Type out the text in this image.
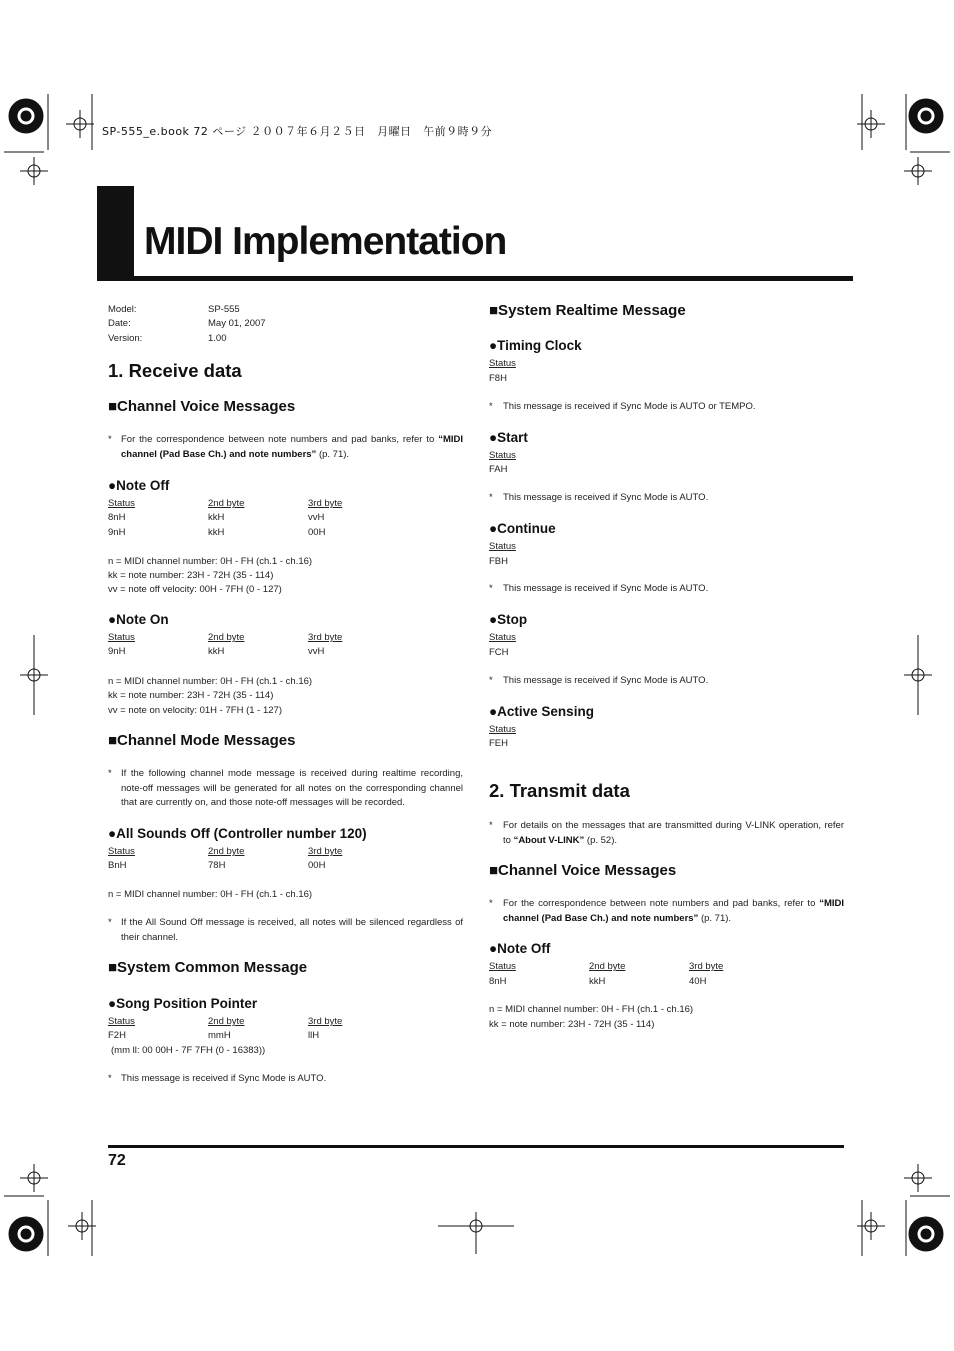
SP-555_e.book 72 ページ ２００７年６月２５日　月曜日　午前９時９分
MIDI Implementation
Model:	SP-555
Date:	May 01, 2007
Version:	1.00
1. Receive data
■Channel Voice Messages
* For the correspondence between note numbers and pad banks, refer to “MIDI channel (Pad Base Ch.) and note numbers” (p. 71).
●Note Off
Status	2nd byte	3rd byte
8nH	kkH	vvH
9nH	kkH	00H
n = MIDI channel number: 0H - FH (ch.1 - ch.16)
kk = note number: 23H - 72H (35 - 114)
vv = note off velocity: 00H - 7FH (0 - 127)
●Note On
Status	2nd byte	3rd byte
9nH	kkH	vvH
n = MIDI channel number: 0H - FH (ch.1 - ch.16)
kk = note number: 23H - 72H (35 - 114)
vv = note on velocity: 01H - 7FH (1 - 127)
■Channel Mode Messages
* If the following channel mode message is received during realtime recording, note-off messages will be generated for all notes on the corresponding channel that are currently on, and those note-off messages will be recorded.
●All Sounds Off (Controller number 120)
Status	2nd byte	3rd byte
BnH	78H	00H
n = MIDI channel number: 0H - FH (ch.1 - ch.16)
* If the All Sound Off message is received, all notes will be silenced regardless of their channel.
■System Common Message
●Song Position Pointer
Status	2nd byte	3rd byte
F2H	mmH	llH
(mm ll: 00 00H - 7F 7FH (0 - 16383))
* This message is received if Sync Mode is AUTO.
■System Realtime Message
●Timing Clock
Status
F8H
*	This message is received if Sync Mode is AUTO or TEMPO.
●Start
Status
FAH
*	This message is received if Sync Mode is AUTO.
●Continue
Status
FBH
*	This message is received if Sync Mode is AUTO.
●Stop
Status
FCH
*	This message is received if Sync Mode is AUTO.
●Active Sensing
Status
FEH
2. Transmit data
*	For details on the messages that are transmitted during V-LINK operation, refer to “About V-LINK” (p. 52).
■Channel Voice Messages
*	For the correspondence between note numbers and pad banks, refer to “MIDI channel (Pad Base Ch.) and note numbers” (p. 71).
●Note Off
Status	2nd byte	3rd byte
8nH	kkH	40H
n = MIDI channel number: 0H - FH (ch.1 - ch.16)
kk = note number: 23H - 72H (35 - 114)
72
